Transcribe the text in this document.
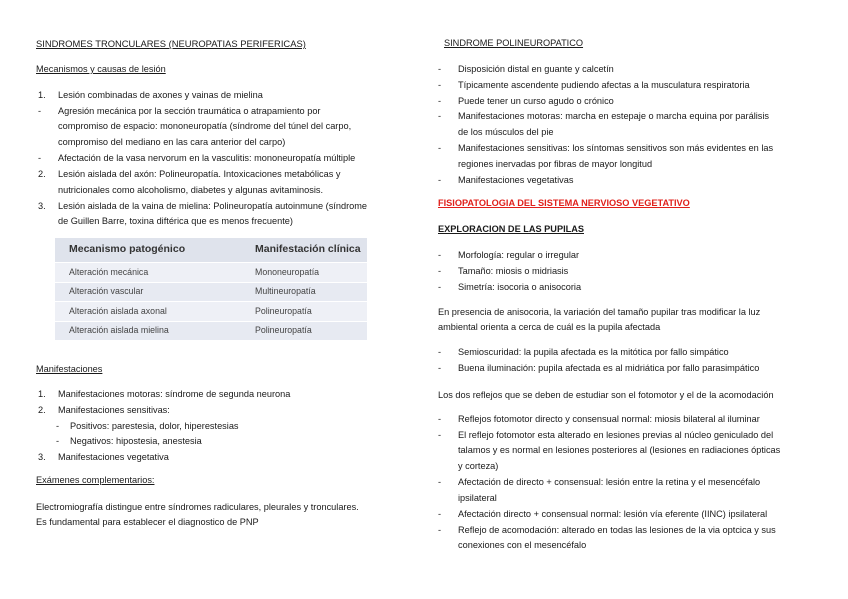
SINDROMES TRONCULARES (NEUROPATIAS PERIFERICAS)
Mecanismos y causas de lesión
1.	Lesión combinadas de axones y vainas de mielina
-	Agresión mecánica por la sección traumática o atrapamiento por
compromiso de espacio: mononeuropatía (síndrome del túnel del carpo,
compromiso del mediano en las cara anterior del carpo)
-	Afectación de la vasa nervorum en la vasculitis: mononeuropatía múltiple
2.	Lesión aislada del axón: Polineuropatía. Intoxicaciones metabólicas y
nutricionales como alcoholismo, diabetes y algunas avitaminosis.
3.	Lesión aislada de la vaina de mielina: Polineuropatía autoinmune (síndrome
de Guillen Barre, toxina diftérica que es menos frecuente)
Mecanismo patogénico	Manifestación clínica
Alteración mecánica	Mononeuropatía
Alteración vascular	Multineuropatía
Alteración aislada axonal	Polineuropatía
Alteración aislada mielina	Polineuropatía
Manifestaciones
1.	Manifestaciones motoras: síndrome de segunda neurona
2.	Manifestaciones sensitivas:
-	Positivos: parestesia, dolor, hiperestesias
-	Negativos: hipostesia, anestesia
3.	Manifestaciones vegetativa
Exámenes complementarios:
Electromiografía distingue entre síndromes radiculares, pleurales y tronculares.
Es fundamental para establecer el diagnostico de PNP
SINDROME POLINEUROPATICO
-	Disposición distal en guante y calcetín
-	Típicamente ascendente pudiendo afectas a la musculatura respiratoria
-	Puede tener un curso agudo o crónico
-	Manifestaciones motoras: marcha en estepaje o marcha equina por parálisis
de los músculos del pie
-	Manifestaciones sensitivas: los síntomas sensitivos son más evidentes en las
regiones inervadas por fibras de mayor longitud
-	Manifestaciones vegetativas
FISIOPATOLOGIA DEL SISTEMA NERVIOSO VEGETATIVO
EXPLORACION DE LAS PUPILAS
-	Morfología: regular o irregular
-	Tamaño: miosis o midriasis
-	Simetría: isocoria o anisocoria
En presencia de anisocoria, la variación del tamaño pupilar tras modificar la luz
ambiental orienta a cerca de cuál es la pupila afectada
-	Semioscuridad: la pupila afectada es la mitótica por fallo simpático
-	Buena iluminación: pupila afectada es al midriática por fallo parasimpático
Los dos reflejos que se deben de estudiar son el fotomotor y el de la acomodación
-	Reflejos fotomotor directo y consensual normal: miosis bilateral al iluminar
-	El reflejo fotomotor esta alterado en lesiones previas al núcleo geniculado del
talamos y es normal en lesiones posteriores al (lesiones en radiaciones ópticas
y corteza)
-	Afectación de directo + consensual: lesión entre la retina y el mesencéfalo
ipsilateral
-	Afectación directo + consensual normal: lesión vía eferente (IINC) ipsilateral
-	Reflejo de acomodación: alterado en todas las lesiones de la via optcica y sus
conexiones con el mesencéfalo
